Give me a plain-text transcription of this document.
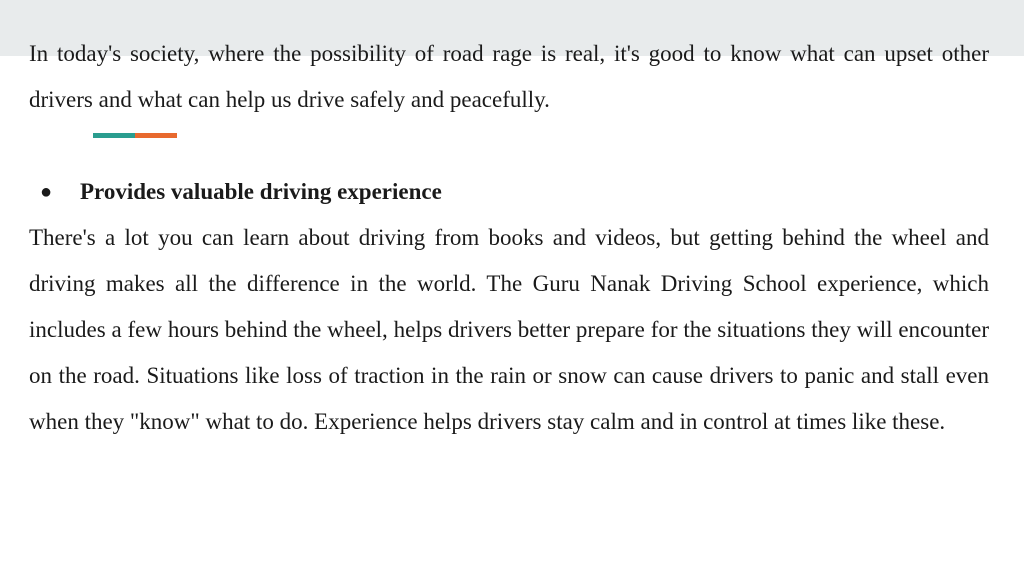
In today's society, where the possibility of road rage is real, it's good to know what can upset other drivers and what can help us drive safely and peacefully.

●	Provides valuable driving experience

There's a lot you can learn about driving from books and videos, but getting behind the wheel and driving makes all the difference in the world. The Guru Nanak Driving School experience, which includes a few hours behind the wheel, helps drivers better prepare for the situations they will encounter on the road. Situations like loss of traction in the rain or snow can cause drivers to panic and stall even when they "know" what to do. Experience helps drivers stay calm and in control at times like these.
